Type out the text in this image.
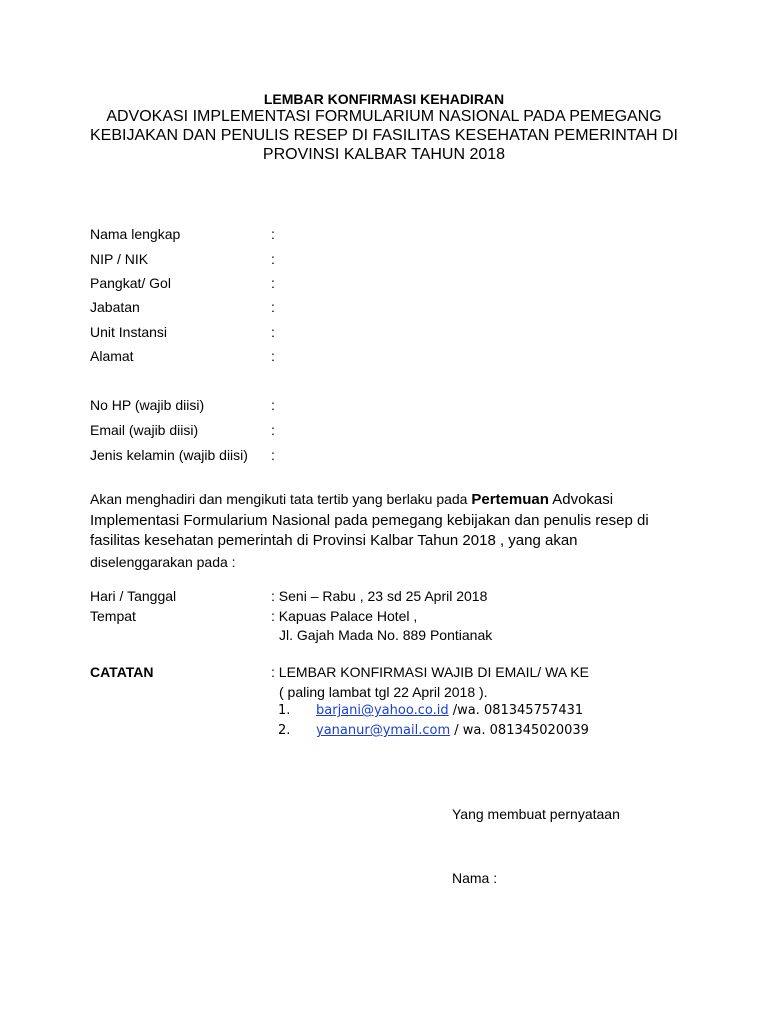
LEMBAR KONFIRMASI KEHADIRAN
ADVOKASI IMPLEMENTASI FORMULARIUM NASIONAL PADA PEMEGANG
KEBIJAKAN DAN PENULIS RESEP DI FASILITAS KESEHATAN PEMERINTAH DI
PROVINSI KALBAR TAHUN 2018
Nama lengkap	:
NIP / NIK	:
Pangkat/ Gol	:
Jabatan	:
Unit Instansi	:
Alamat	:
No HP (wajib diisi)	:
Email (wajib diisi)	:
Jenis kelamin (wajib diisi) :
Akan menghadiri dan mengikuti tata tertib yang berlaku pada Pertemuan Advokasi
Implementasi Formularium Nasional pada pemegang kebijakan dan penulis resep di
fasilitas kesehatan pemerintah di Provinsi Kalbar Tahun 2018 , yang akan
diselenggarakan pada :
Hari / Tanggal	: Seni – Rabu , 23 sd 25 April 2018
Tempat	: Kapuas Palace Hotel ,
Jl. Gajah Mada No. 889 Pontianak
CATATAN	: LEMBAR KONFIRMASI WAJIB DI EMAIL/ WA KE
( paling lambat tgl 22 April 2018 ).
1. barjani@yahoo.co.id /wa. 081345757431
2. yananur@ymail.com / wa. 081345020039
Yang membuat pernyataan
Nama :
